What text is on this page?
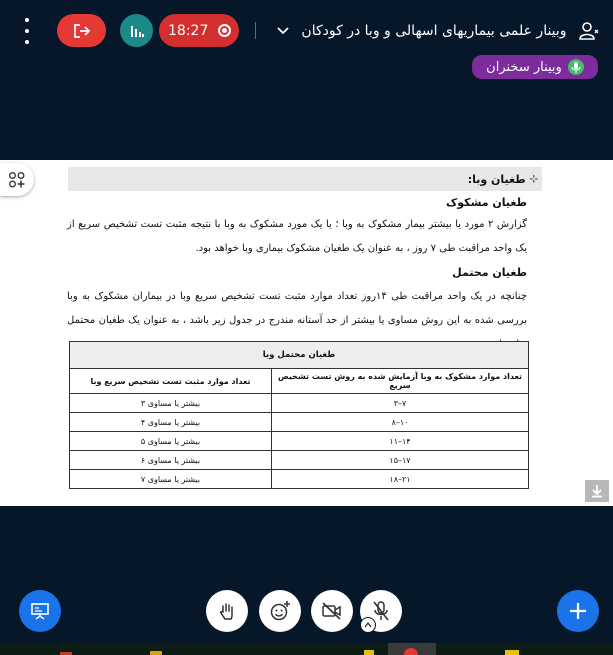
18:27	وبینار علمی بیماریهای اسهالی و وبا در کودکان
وبینار سخنران
⊹
طغیان وبا:
طغیان مشکوک
گزارش ۲ مورد یا بیشتر بیمار مشکوک به وبا ؛ یا یک مورد مشکوک به وبا با نتیجه مثبت تست تشخیص سریع از یک واحد مراقبت طی ۷ روز ، به عنوان یک طغیان مشکوک بیماری وبا خواهد بود.
طغیان محتمل
چنانچه در یک واحد مراقبت طی ۱۴روز تعداد موارد مثبت تست تشخیص سریع وبا در بیماران مشکوک به وبا بررسی شده به این روش مساوی یا بیشتر از حد آستانه مندرج در جدول زیر باشد ، به عنوان یک طغیان محتمل
طغیان محتمل وبا	
تعداد موارد مشکوک به وبا آزمایش شده به روش تست تشخیص سریع	تعداد موارد مثبت تست تشخیص سریع وبا
۷–۳	بیشتر یا مساوی ۳
۱۰–۸	بیشتر یا مساوی ۴
۱۴–۱۱	بیشتر یا مساوی ۵
۱۷–۱۵	بیشتر یا مساوی ۶
۲۱–۱۸	بیشتر یا مساوی ۷
